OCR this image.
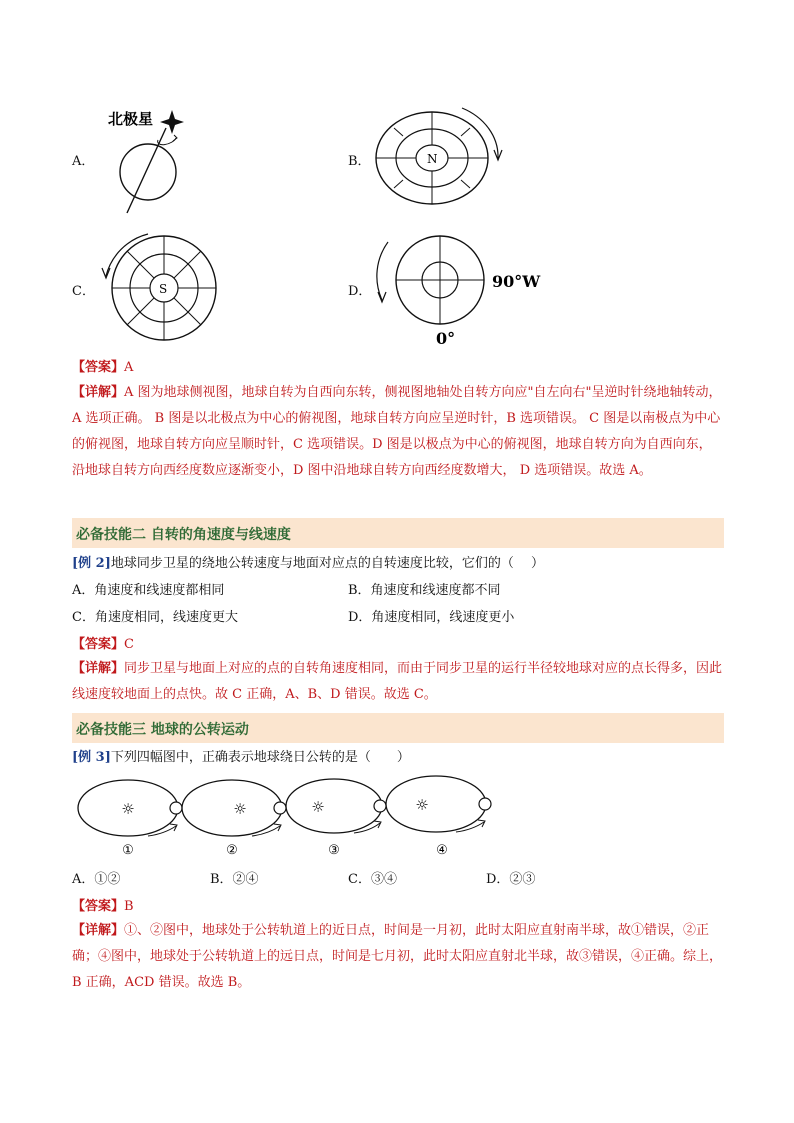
A．	B．
C．	D．
北极星
N
S	90°W
0°
【答案】A
【详解】A 图为地球侧视图，地球自转为自西向东转，侧视图地轴处自转方向应"自左向右"呈逆时针绕地轴转动， A 选项正确。 B 图是以北极点为中心的俯视图，地球自转方向应呈逆时针，B 选项错误。 C 图是以南极点为中心的俯视图，地球自转方向应呈顺时针，C 选项错误。D 图是以极点为中心的俯视图，地球自转方向为自西向东，沿地球自转方向西经度数应逐渐变小，D 图中沿地球自转方向西经度数增大， D 选项错误。故选 A。
必备技能二 自转的角速度与线速度
[例 2]地球同步卫星的绕地公转速度与地面对应点的自转速度比较，它们的（　 ）
A．角速度和线速度都相同	B．角速度和线速度都不同
C．角速度相同，线速度更大	D．角速度相同，线速度更小
【答案】C
【详解】同步卫星与地面上对应的点的自转角速度相同，而由于同步卫星的运行半径较地球对应的点长得多，因此线速度较地面上的点快。故 C 正确，A、B、D 错误。故选 C。
必备技能三 地球的公转运动
[例 3]下列四幅图中，正确表示地球绕日公转的是（　　）
☼
①
☼
②
☼
③
☼
④
A．①②	B．②④	C．③④	D．②③
【答案】B
【详解】①、②图中，地球处于公转轨道上的近日点，时间是一月初，此时太阳应直射南半球，故①错误，②正确；④图中，地球处于公转轨道上的远日点，时间是七月初，此时太阳应直射北半球，故③错误，④正确。综上，B 正确，ACD 错误。故选 B。
